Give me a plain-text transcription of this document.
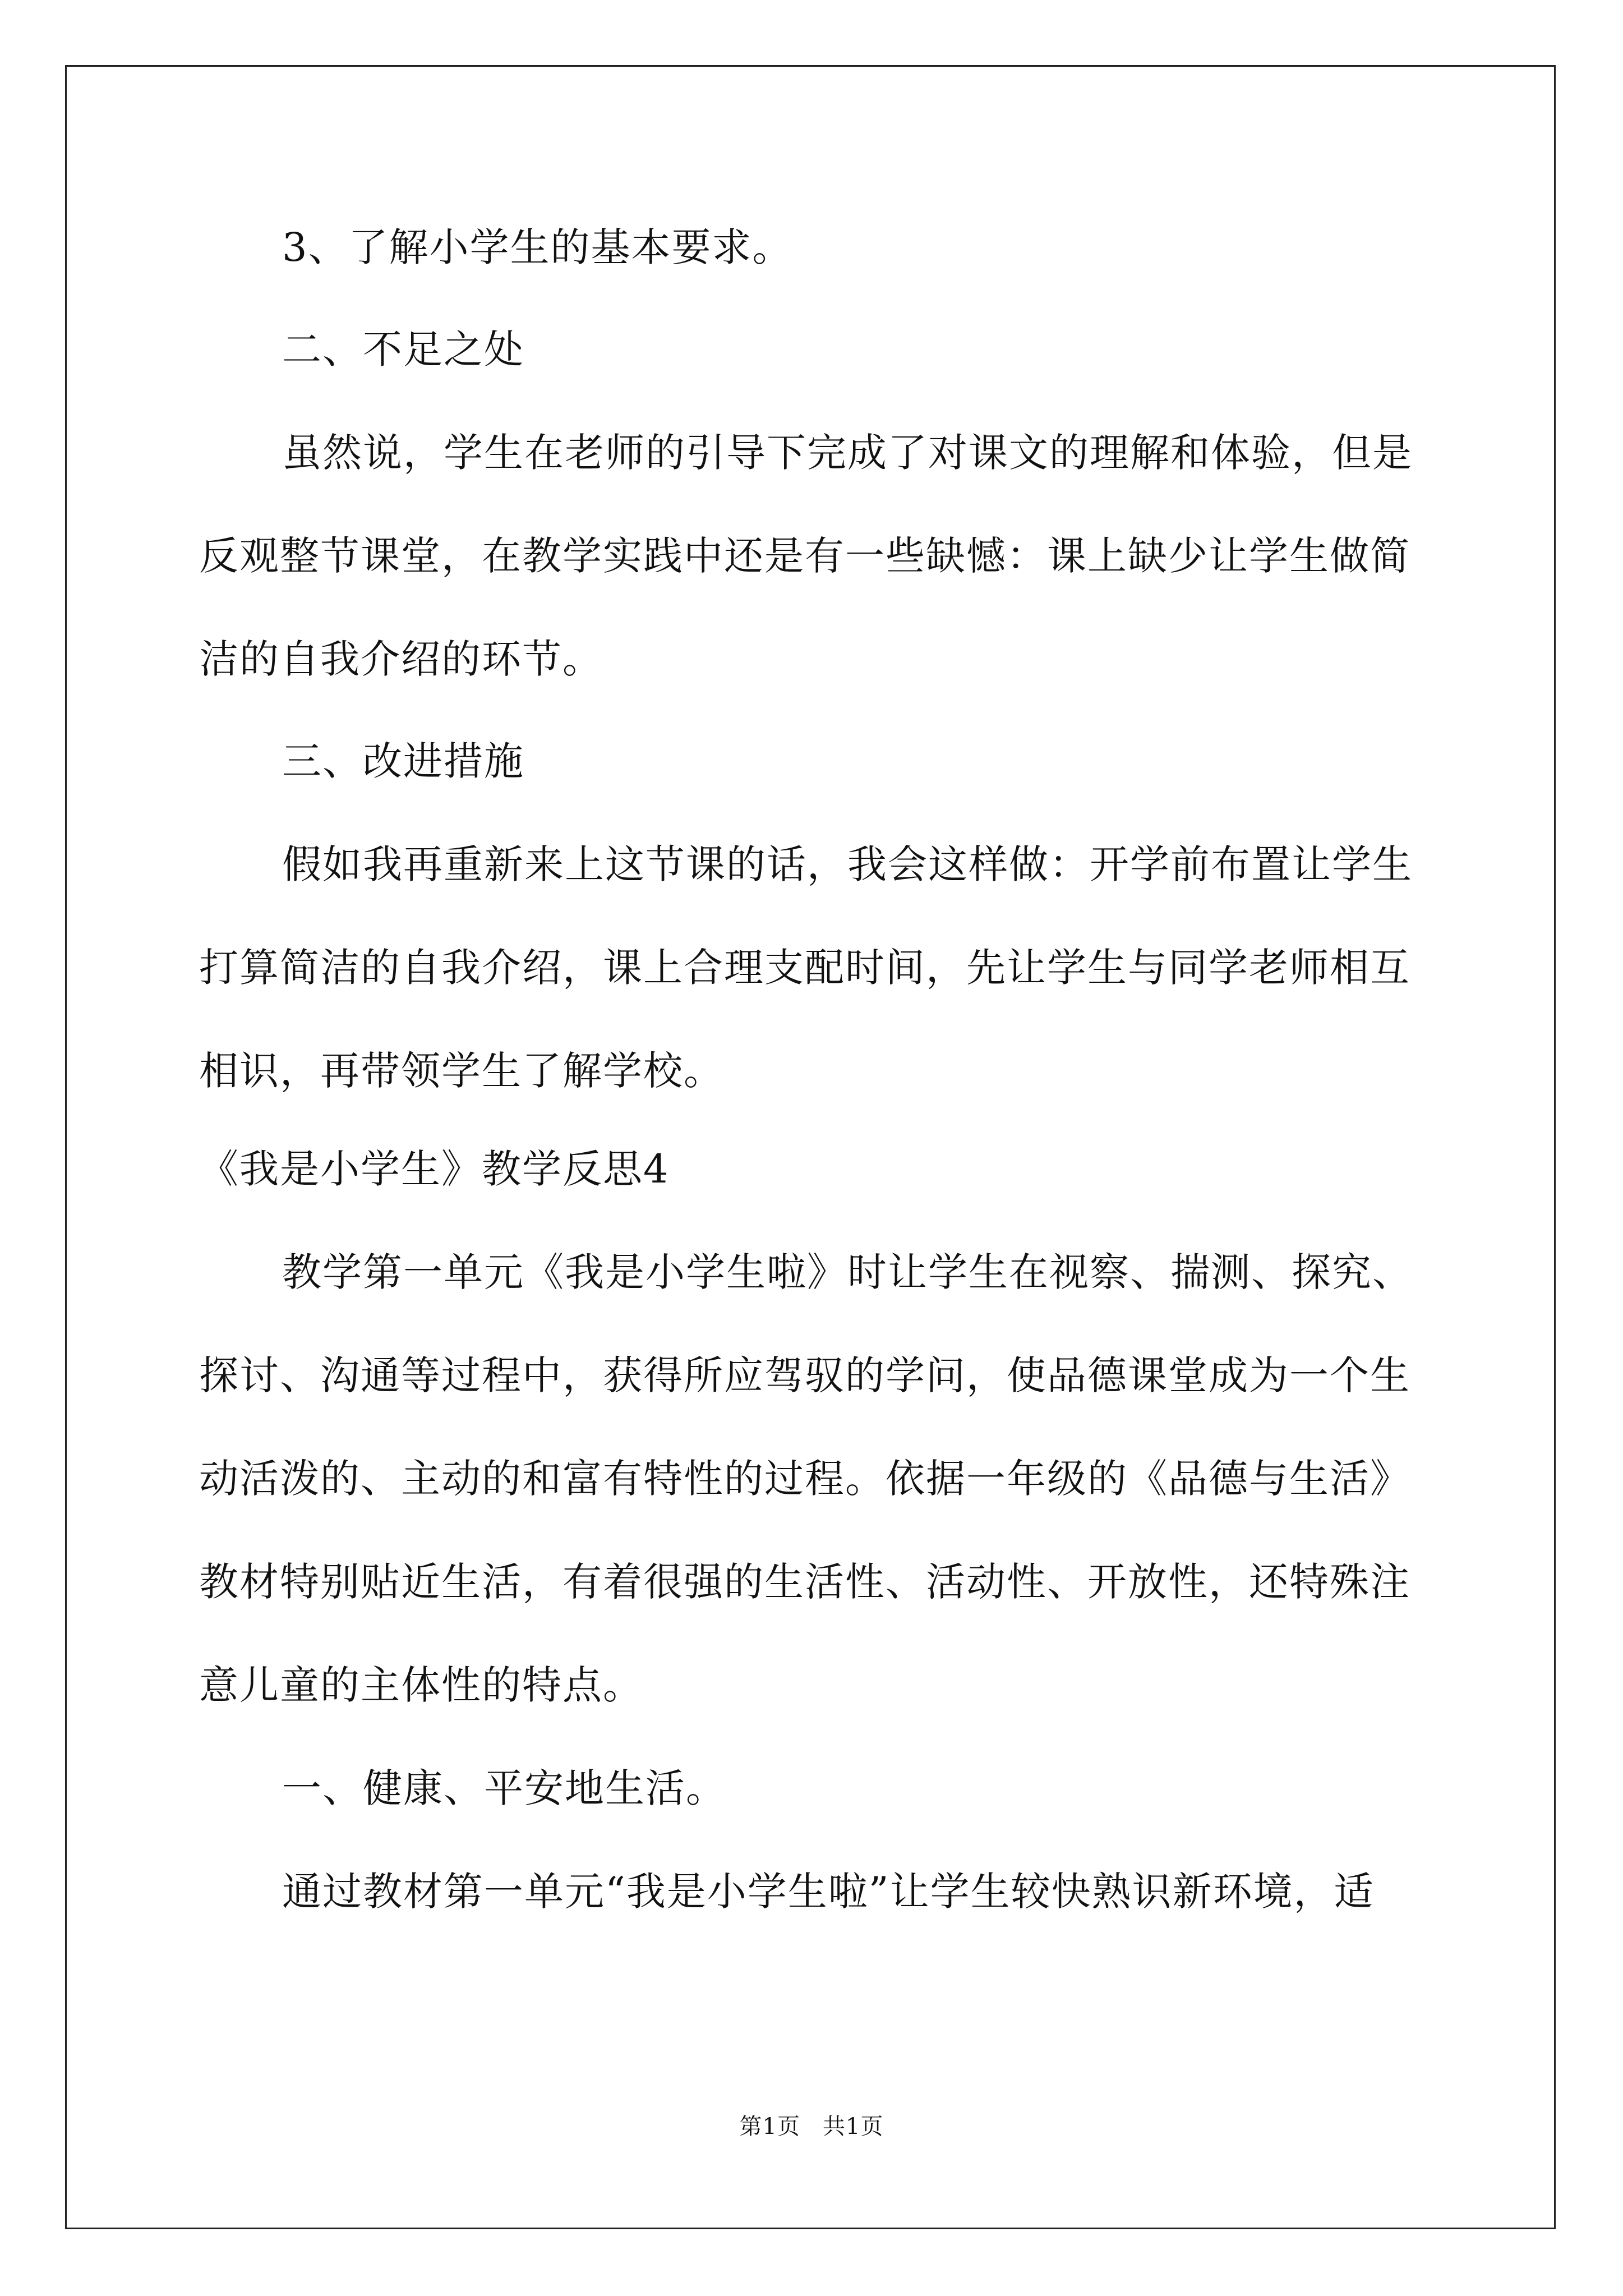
3、了解小学生的基本要求。
二、不足之处
虽然说，学生在老师的引导下完成了对课文的理解和体验，但是
反观整节课堂，在教学实践中还是有一些缺憾：课上缺少让学生做简
洁的自我介绍的环节。
三、改进措施
假如我再重新来上这节课的话，我会这样做：开学前布置让学生
打算简洁的自我介绍，课上合理支配时间，先让学生与同学老师相互
相识，再带领学生了解学校。
《我是小学生》教学反思4
教学第一单元《我是小学生啦》时让学生在视察、揣测、探究、
探讨、沟通等过程中，获得所应驾驭的学问，使品德课堂成为一个生
动活泼的、主动的和富有特性的过程。依据一年级的《品德与生活》
教材特别贴近生活，有着很强的生活性、活动性、开放性，还特殊注
意儿童的主体性的特点。
一、健康、平安地生活。
通过教材第一单元“我是小学生啦”让学生较快熟识新环境，适
第1页 共1页
